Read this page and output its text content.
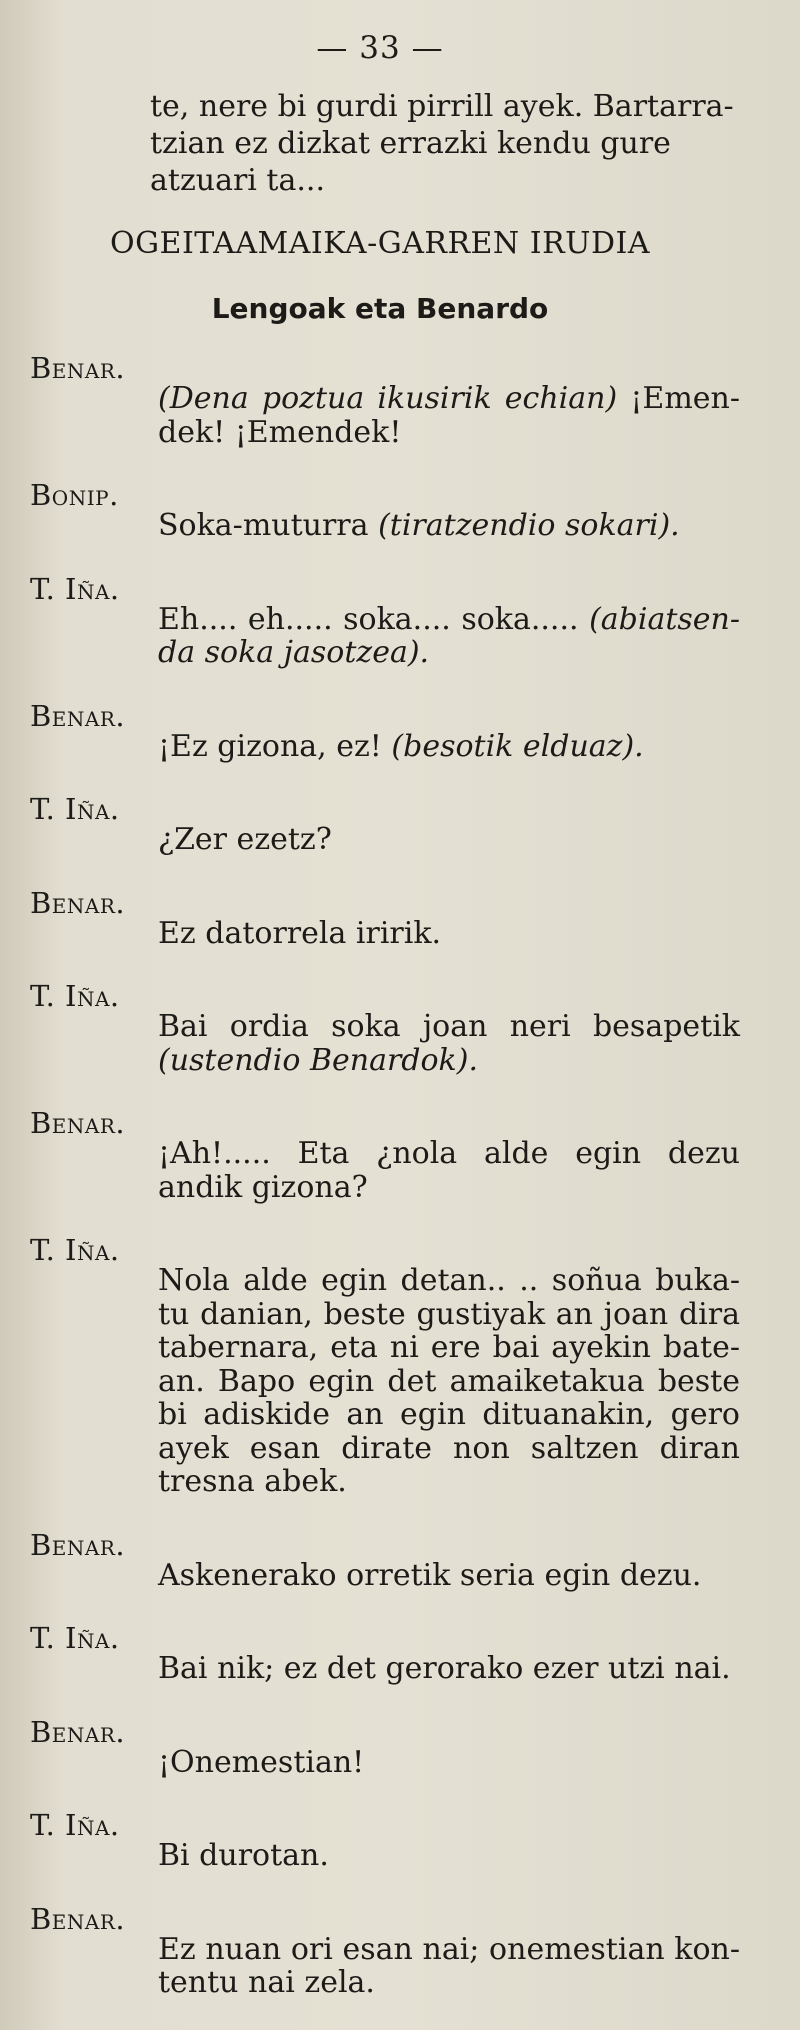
— 33 —

te, nere bi gurdi pirrill ayek. Bartarra- tzian ez dizkat errazki kendu gure atzuari ta...

OGEITAAMAIKA-GARREN IRUDIA
Lengoak eta Benardo
Benar.

(Dena poztua ikusirik echian) ¡Emen- dek! ¡Emendek!

Bonip.

Soka-muturra (tiratzendio sokari).

T. Iña.

Eh.... eh..... soka.... soka..... (abiatsen- da soka jasotzea).

Benar.

¡Ez gizona, ez! (besotik elduaz).

T. Iña.

¿Zer ezetz?

Benar.

Ez datorrela iririk.

T. Iña.

Bai ordia soka joan neri besapetik (ustendio Benardok).

Benar.

¡Ah!..... Eta ¿nola alde egin dezu andik gizona?

T. Iña.

Nola alde egin detan.. .. soñua buka- tu danian, beste gustiyak an joan dira tabernara, eta ni ere bai ayekin bate- an. Bapo egin det amaiketakua beste bi adiskide an egin dituanakin, gero ayek esan dirate non saltzen diran tresna abek.

Benar.

Askenerako orretik seria egin dezu.

T. Iña.

Bai nik; ez det gerorako ezer utzi nai.

Benar.

¡Onemestian!

T. Iña.

Bi durotan.

Benar.

Ez nuan ori esan nai; onemestian kon- tentu nai zela.
